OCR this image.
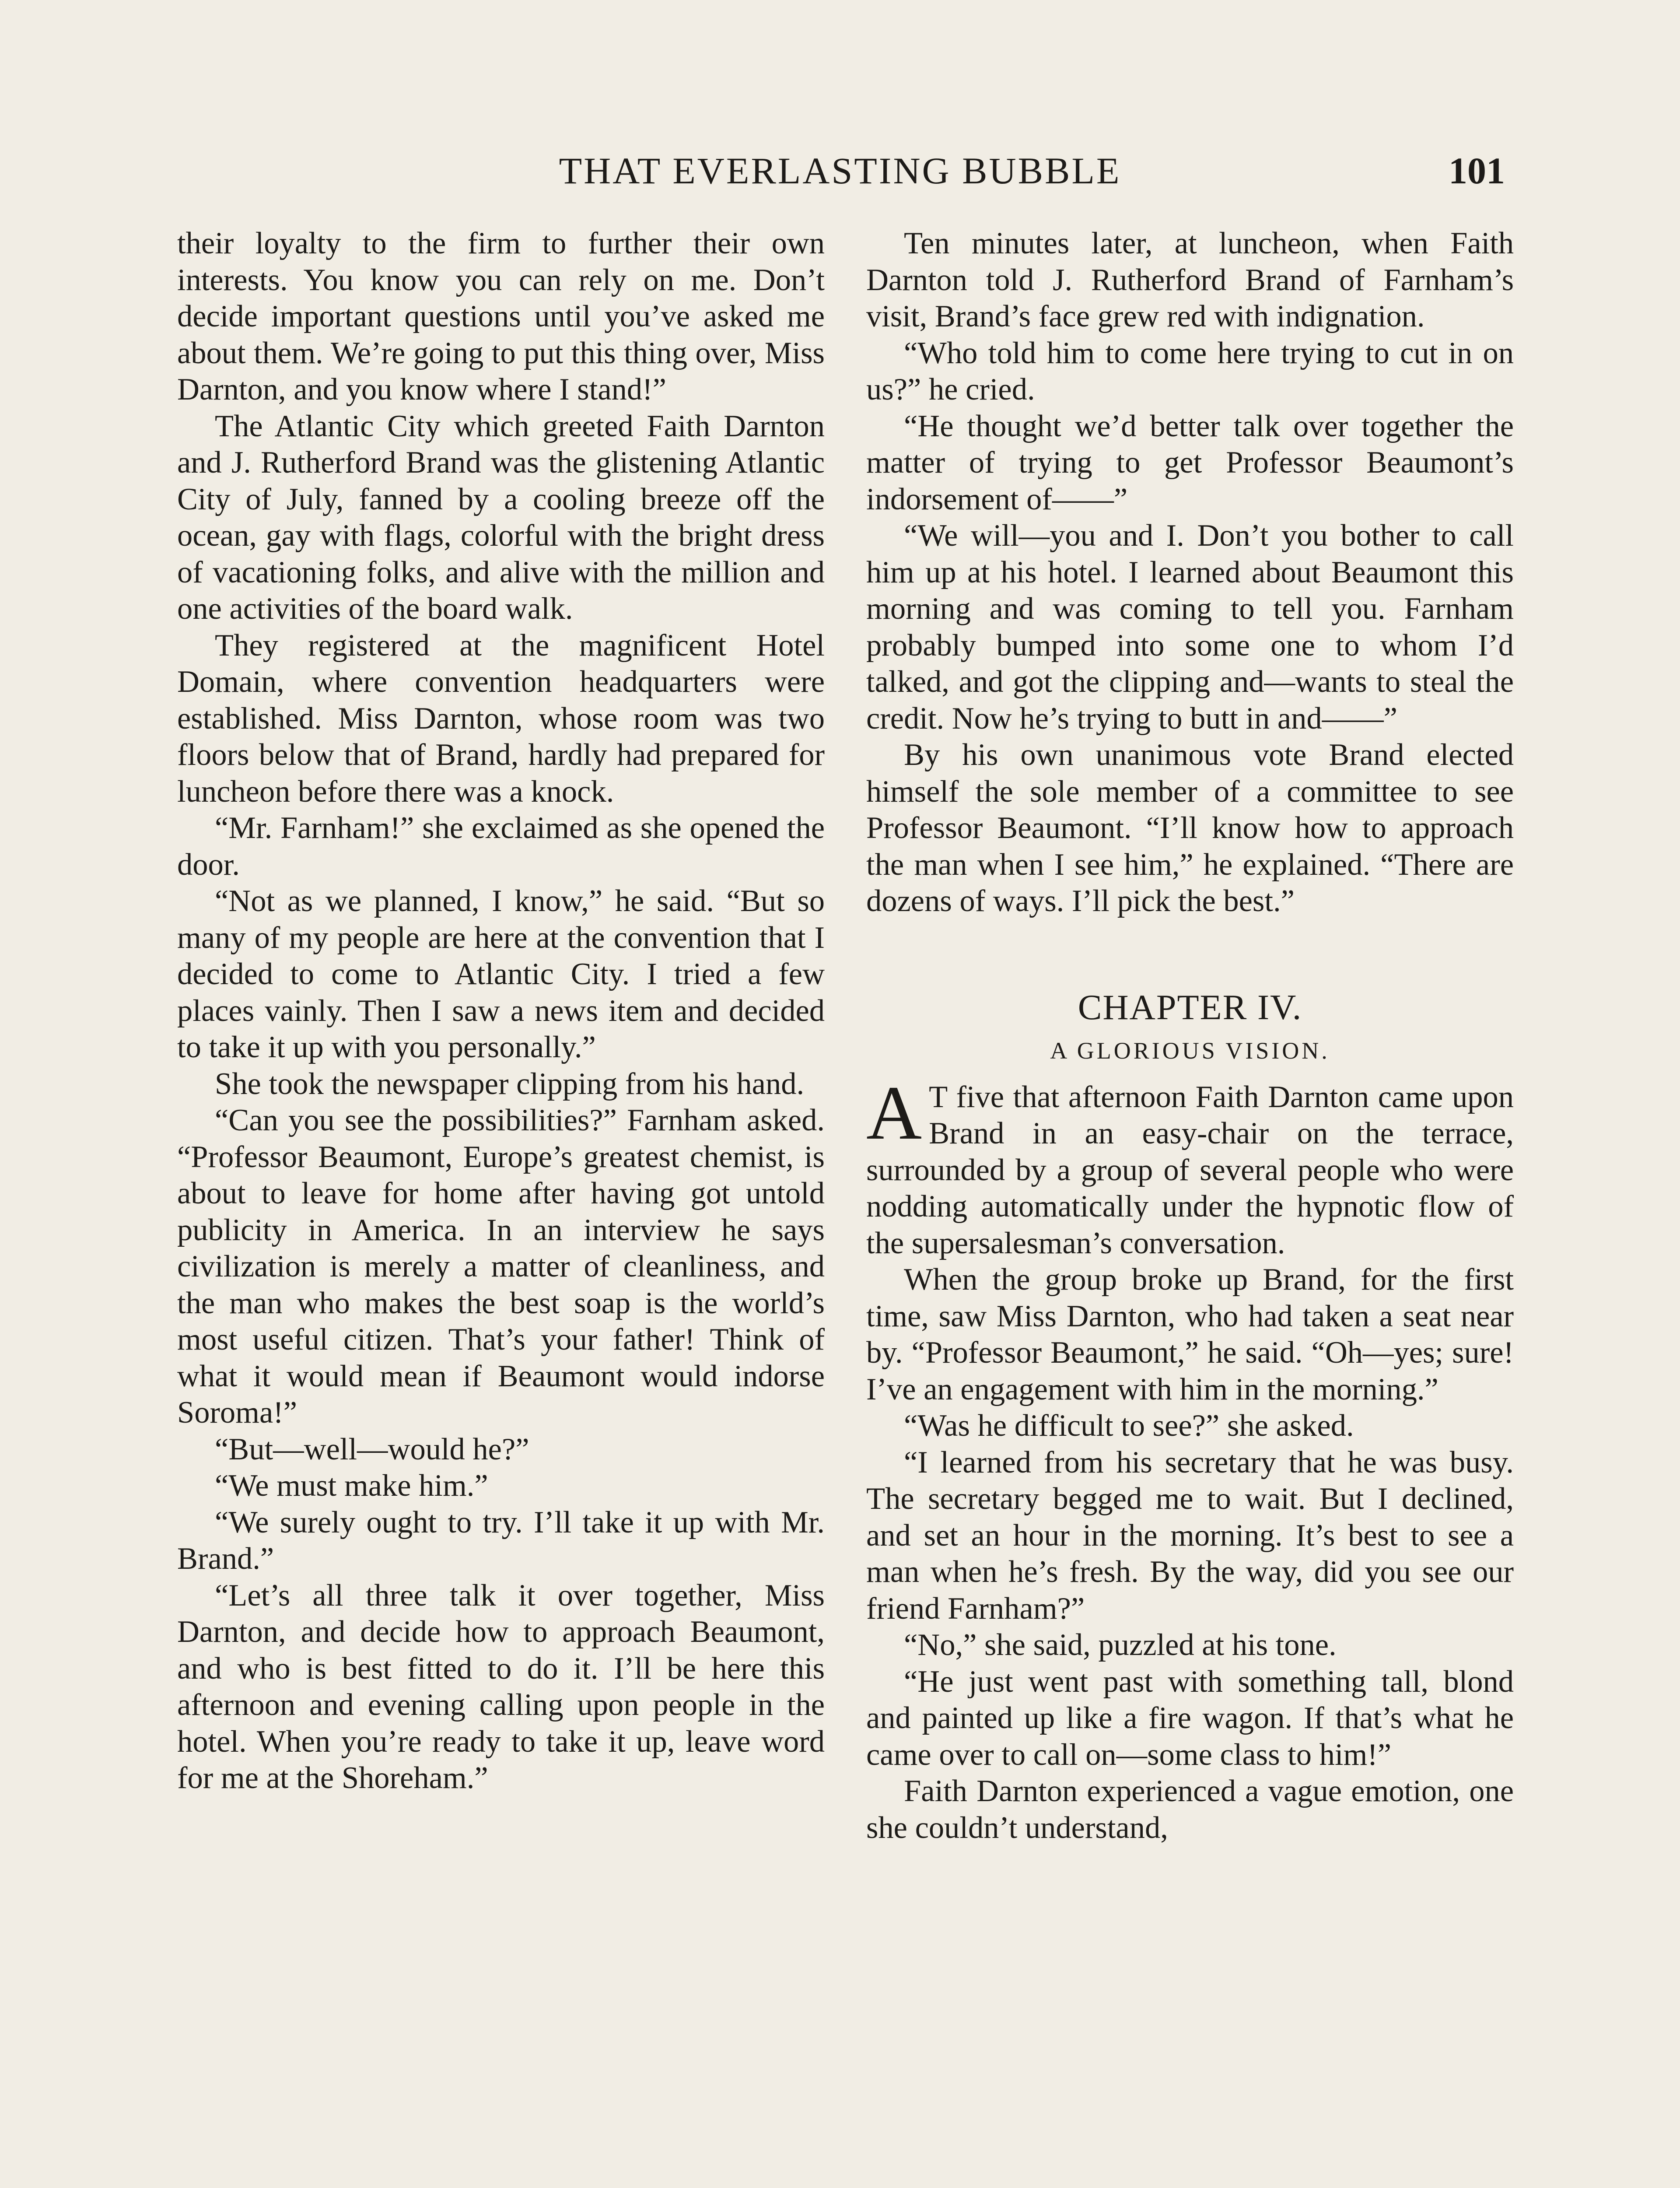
THAT EVERLASTING BUBBLE	101

their loyalty to the firm to further their own interests. You know you can rely on me. Don’t decide important questions until you’ve asked me about them. We’re going to put this thing over, Miss Darnton, and you know where I stand!”

The Atlantic City which greeted Faith Darnton and J. Rutherford Brand was the glistening Atlantic City of July, fanned by a cooling breeze off the ocean, gay with flags, colorful with the bright dress of vacationing folks, and alive with the million and one activities of the board walk.

They registered at the magnificent Hotel Domain, where convention headquarters were established. Miss Darnton, whose room was two floors below that of Brand, hardly had prepared for luncheon before there was a knock.

“Mr. Farnham!” she exclaimed as she opened the door.

“Not as we planned, I know,” he said. “But so many of my people are here at the convention that I decided to come to Atlantic City. I tried a few places vainly. Then I saw a news item and decided to take it up with you personally.”

She took the newspaper clipping from his hand.

“Can you see the possibilities?” Farnham asked. “Professor Beaumont, Europe’s greatest chemist, is about to leave for home after having got untold publicity in America. In an interview he says civilization is merely a matter of cleanliness, and the man who makes the best soap is the world’s most useful citizen. That’s your father! Think of what it would mean if Beaumont would indorse Soroma!”

“But—well—would he?”

“We must make him.”

“We surely ought to try. I’ll take it up with Mr. Brand.”

“Let’s all three talk it over together, Miss Darnton, and decide how to approach Beaumont, and who is best fitted to do it. I’ll be here this afternoon and evening calling upon people in the hotel. When you’re ready to take it up, leave word for me at the Shoreham.”

Ten minutes later, at luncheon, when Faith Darnton told J. Rutherford Brand of Farnham’s visit, Brand’s face grew red with indignation.

“Who told him to come here trying to cut in on us?” he cried.

“He thought we’d better talk over together the matter of trying to get Professor Beaumont’s indorsement of——”

“We will—you and I. Don’t you bother to call him up at his hotel. I learned about Beaumont this morning and was coming to tell you. Farnham probably bumped into some one to whom I’d talked, and got the clipping and—wants to steal the credit. Now he’s trying to butt in and——”

By his own unanimous vote Brand elected himself the sole member of a committee to see Professor Beaumont. “I’ll know how to approach the man when I see him,” he explained. “There are dozens of ways. I’ll pick the best.”

CHAPTER IV.
A GLORIOUS VISION.

A T five that afternoon Faith Darnton came upon Brand in an easy-chair on the terrace, surrounded by a group of several people who were nodding automatically under the hypnotic flow of the supersalesman’s conversation.

When the group broke up Brand, for the first time, saw Miss Darnton, who had taken a seat near by. “Professor Beaumont,” he said. “Oh—yes; sure! I’ve an engagement with him in the morning.”

“Was he difficult to see?” she asked.

“I learned from his secretary that he was busy. The secretary begged me to wait. But I declined, and set an hour in the morning. It’s best to see a man when he’s fresh. By the way, did you see our friend Farnham?”

“No,” she said, puzzled at his tone.

“He just went past with something tall, blond and painted up like a fire wagon. If that’s what he came over to call on—some class to him!”

Faith Darnton experienced a vague emotion, one she couldn’t understand,
